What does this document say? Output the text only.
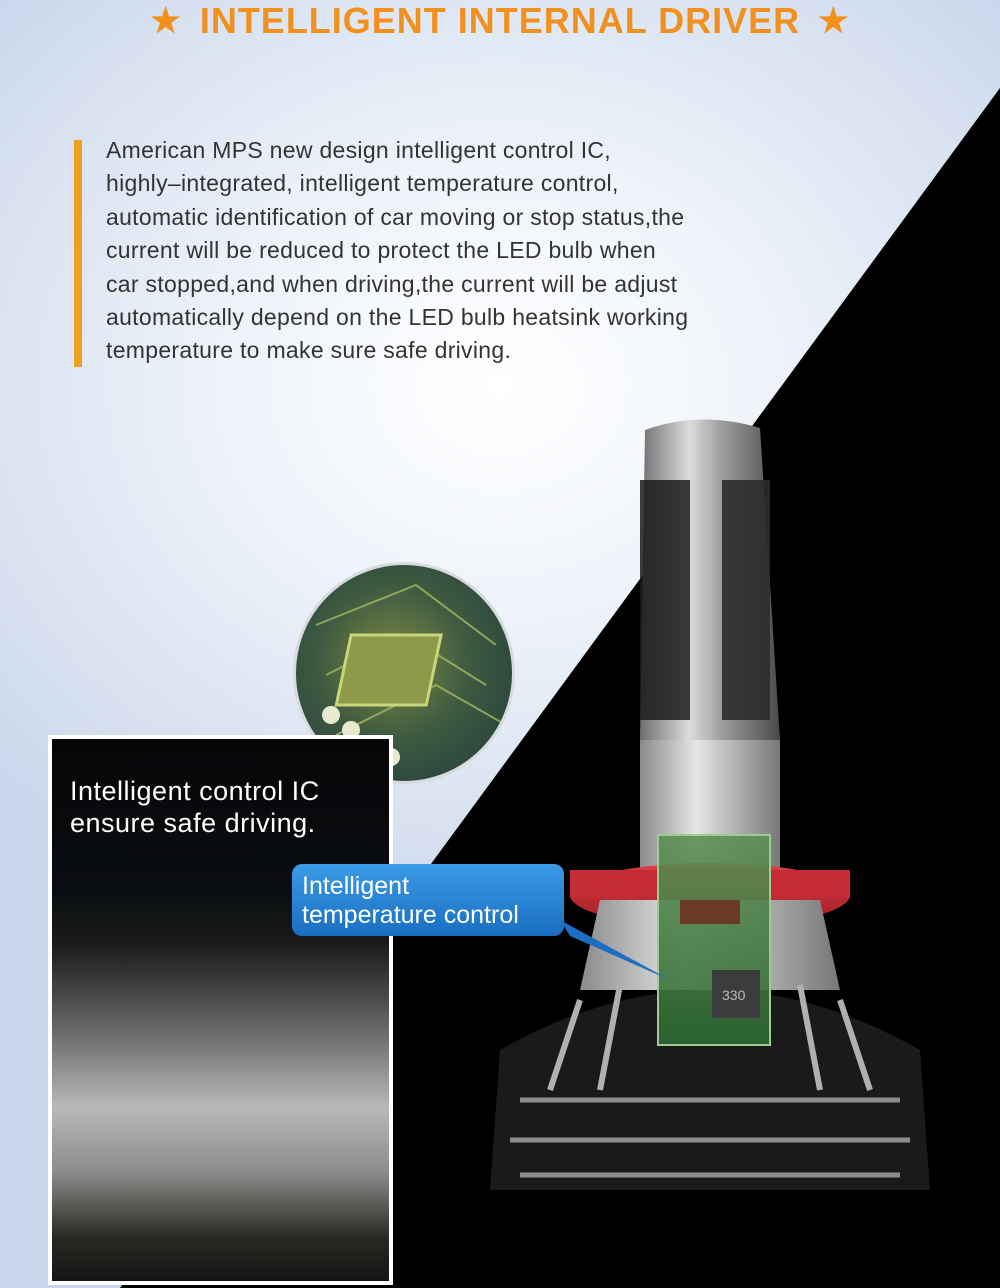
★ INTELLIGENT INTERNAL DRIVER ★

American MPS new design intelligent control IC,

highly–integrated, intelligent temperature control,

automatic identification of car moving or stop status,the

current will be reduced to protect the LED bulb when

car stopped,and when driving,the current will be adjust

automatically depend on the LED bulb heatsink working

temperature to make sure safe driving.

330

Intelligent control IC

ensure safe driving.

Intelligent

temperature control
